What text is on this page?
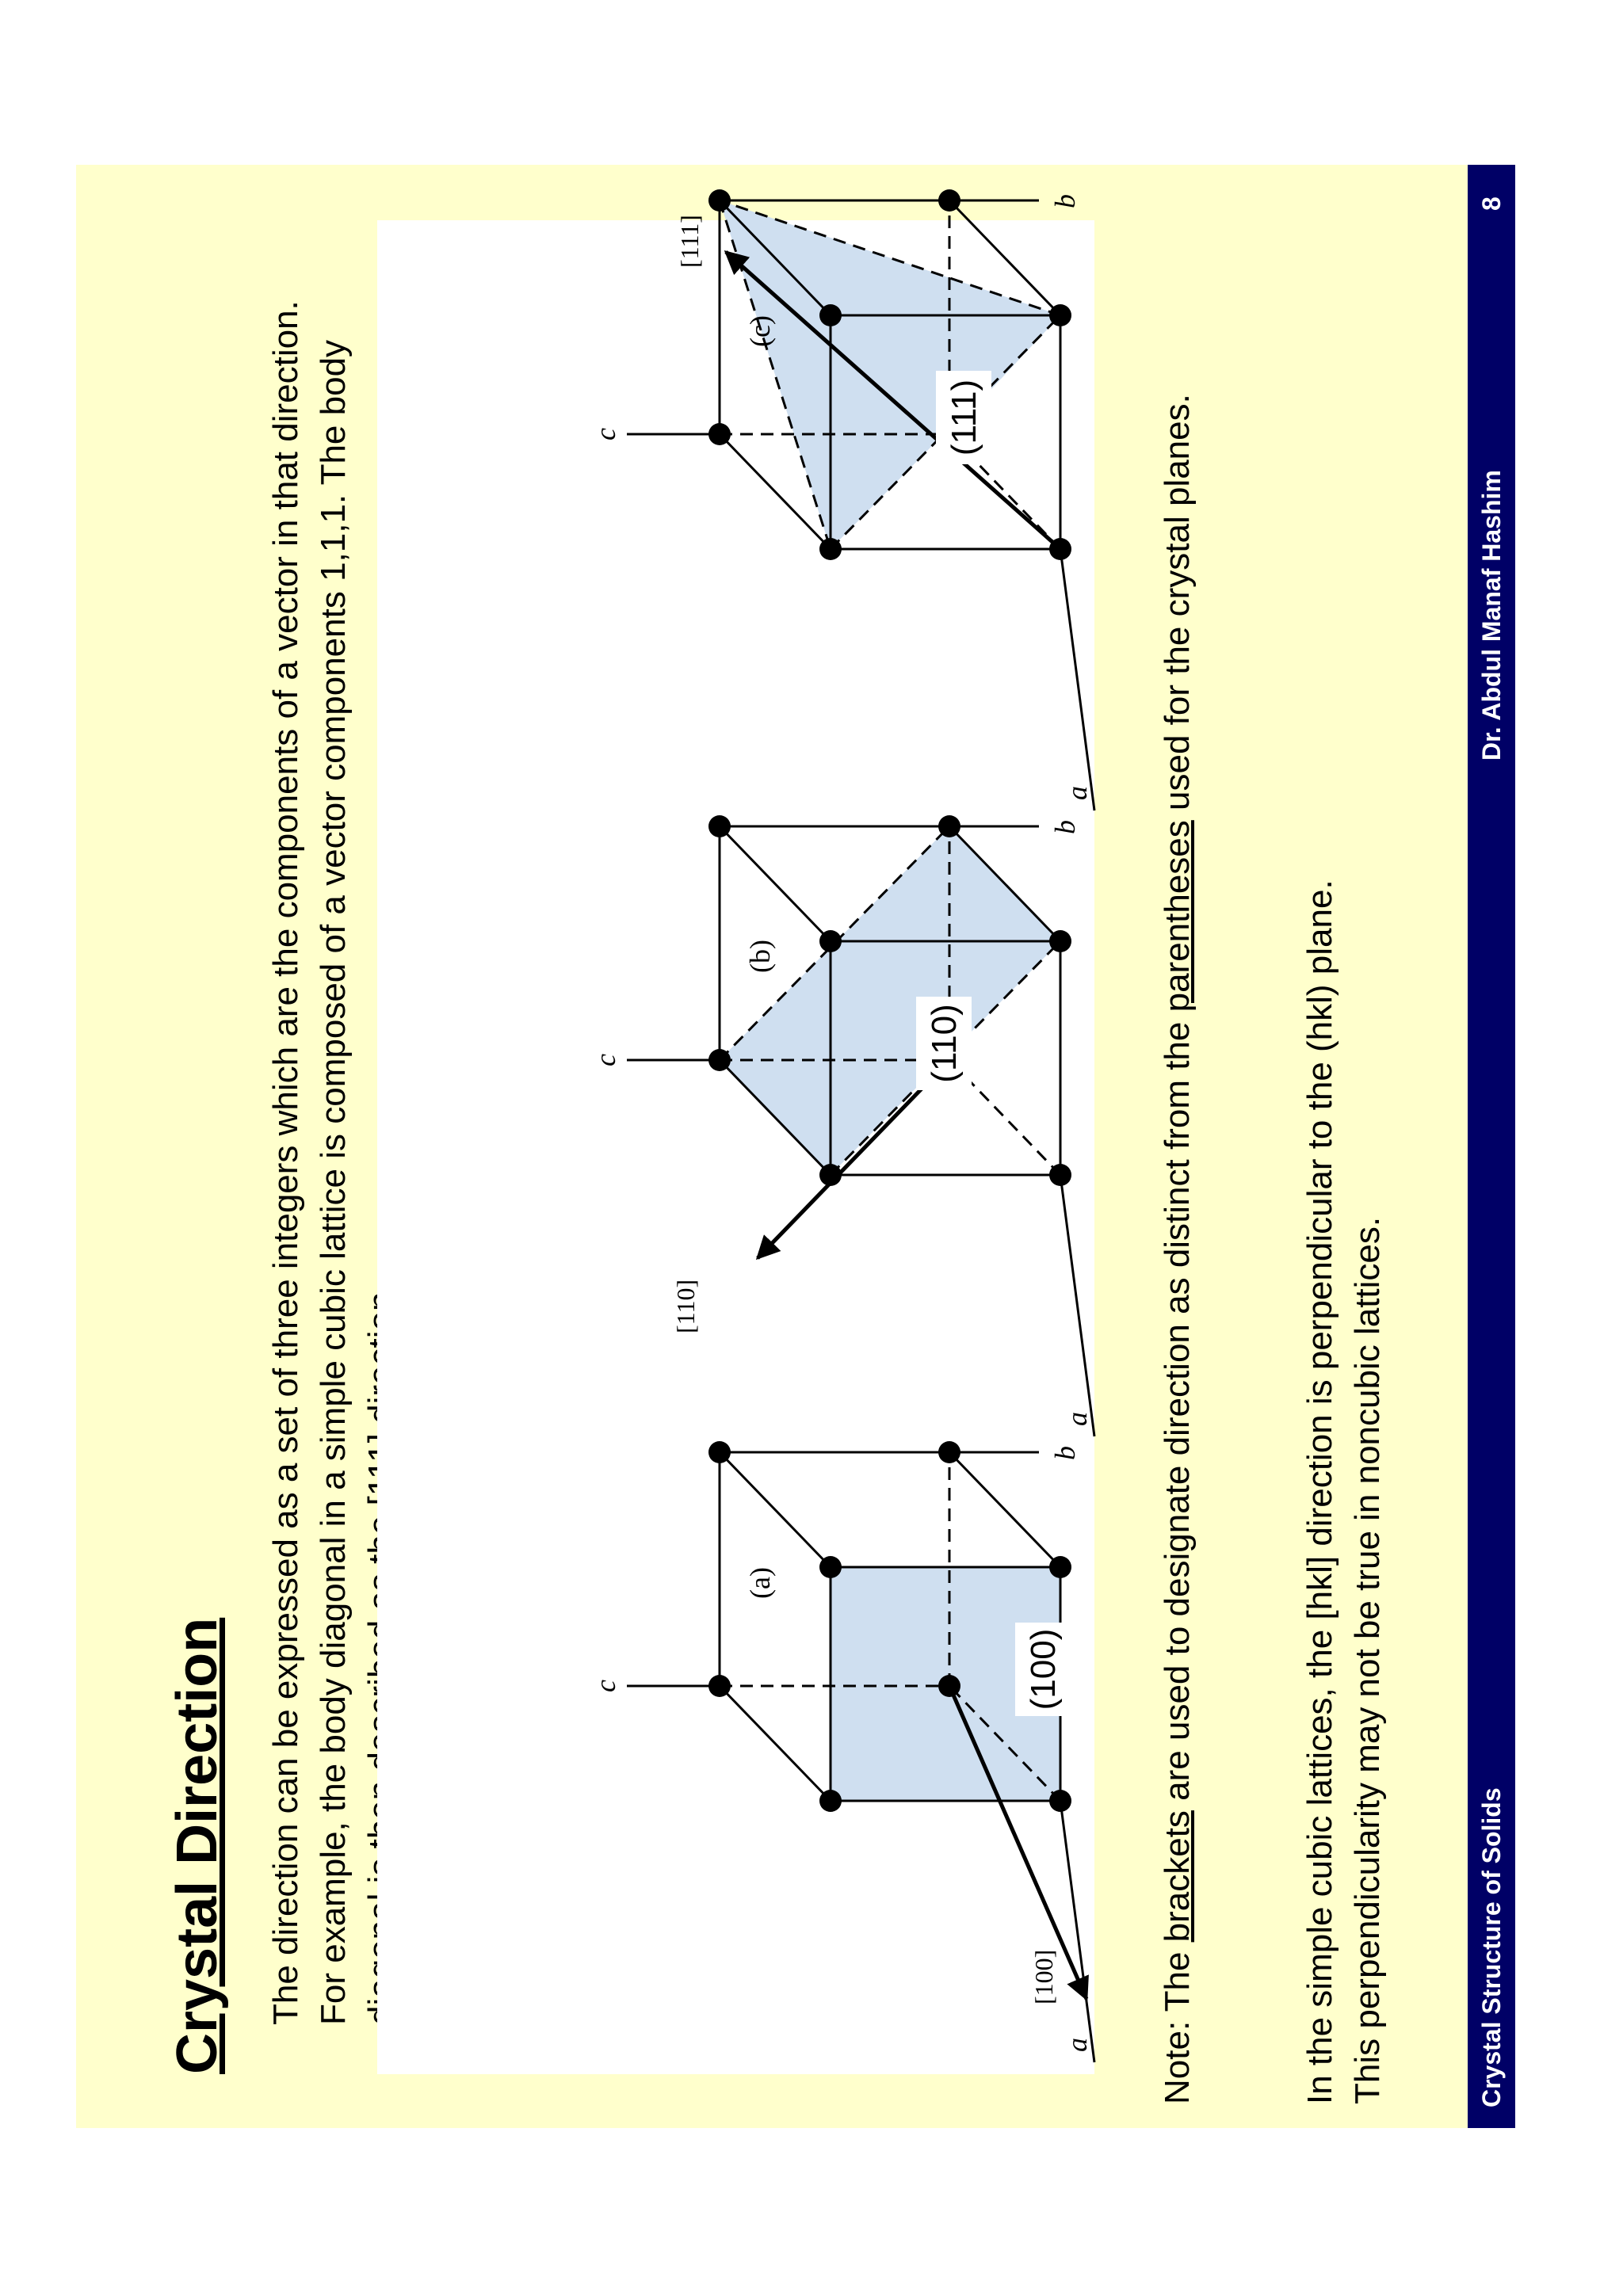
Crystal Direction The direction can be expressed as a set of three integers which are the components of a vector in that direction. For example, the body diagonal in a simple cubic lattice is composed of a vector components 1,1,1. The body diagonal is then described as the [111] direction.	(100)
[100]
c
b
a
(a)
(110)
[110]
c
b
a
(b)
(111)
[111]
c
b
a
(c)
Note: The brackets are used to designate direction as distinct from the parentheses used for the crystal planes.
In the simple cubic lattices, the [hkl] direction is perpendicular to the (hkl) plane. This perpendicularity may not be true in noncubic lattices.	Crystal Structure of Solids
Dr. Abdul Manaf Hashim
8
